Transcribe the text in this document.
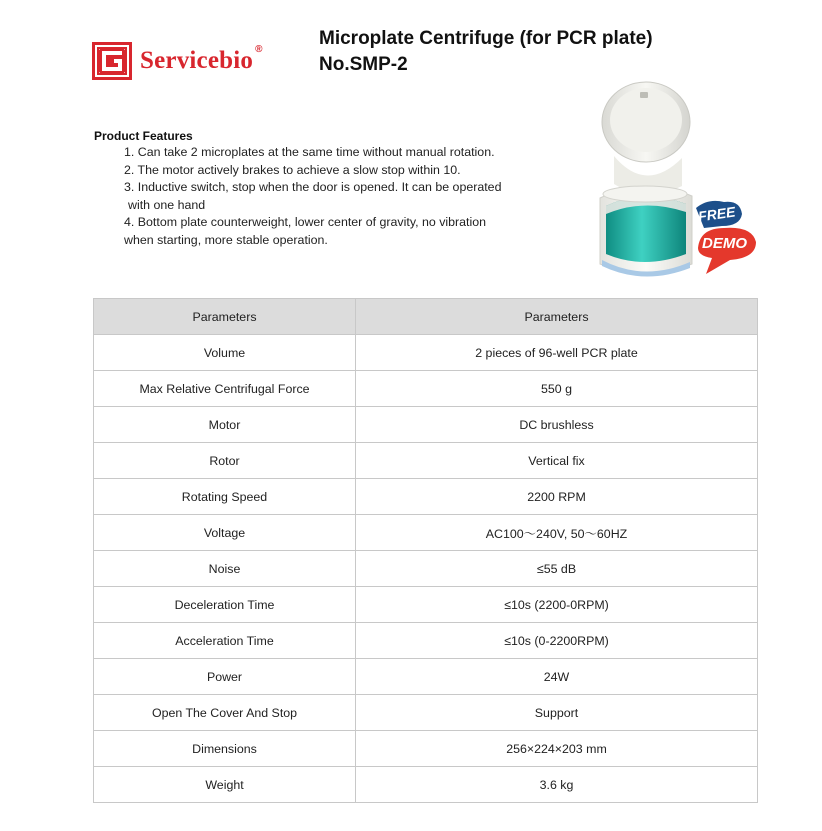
Servicebio ®	Microplate Centrifuge (for PCR plate)
No.SMP-2
Product Features

1. Can take 2 microplates at the same time without manual rotation.

2. The motor actively brakes to achieve a slow stop within 10.

3. Inductive switch, stop when the door is opened. It can be operated

with one hand

4. Bottom plate counterweight, lower center of gravity, no vibration

when starting, more stable operation.

FREE
DEMO
Parameters	Parameters
Volume	2 pieces of 96-well PCR plate
Max Relative Centrifugal Force	550 g
Motor	DC brushless
Rotor	Vertical fix
Rotating Speed	2200 RPM
Voltage	AC100～240V, 50～60HZ
Noise	≤55 dB
Deceleration Time	≤10s (2200-0RPM)
Acceleration Time	≤10s (0-2200RPM)
Power	24W
Open The Cover And Stop	Support
Dimensions	256×224×203 mm
Weight	3.6 kg
